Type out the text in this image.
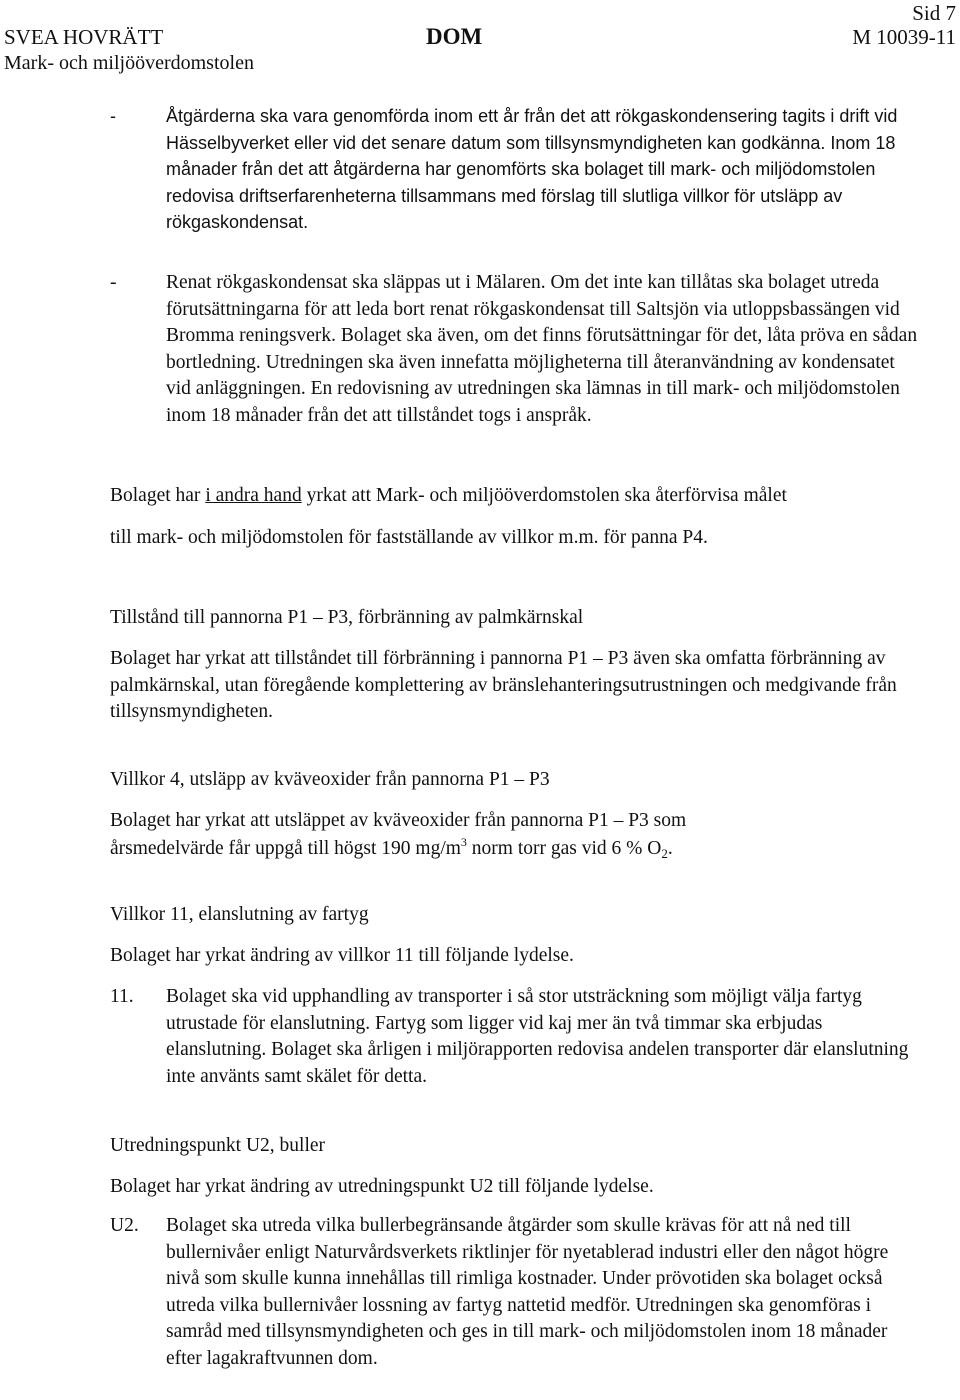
Sid 7
SVEA HOVRÄTT
Mark- och miljööverdomstolen
DOM	M 10039-11
-	Åtgärderna ska vara genomförda inom ett år från det att rökgaskondensering tagits i drift vid Hässelbyverket eller vid det senare datum som tillsynsmyndigheten kan godkänna. Inom 18 månader från det att åtgärderna har genomförts ska bolaget till mark- och miljödomstolen redovisa driftserfarenheterna tillsammans med förslag till slutliga villkor för utsläpp av rökgaskondensat.
-	Renat rökgaskondensat ska släppas ut i Mälaren. Om det inte kan tillåtas ska bolaget utreda förutsättningarna för att leda bort renat rökgaskondensat till Saltsjön via utloppsbassängen vid Bromma reningsverk. Bolaget ska även, om det finns förutsättningar för det, låta pröva en sådan bortledning. Utredningen ska även innefatta möjligheterna till återanvändning av kondensatet vid anläggningen. En redovisning av utredningen ska lämnas in till mark- och miljödomstolen inom 18 månader från det att tillståndet togs i anspråk.
Bolaget har i andra hand yrkat att Mark- och miljööverdomstolen ska återförvisa målet
till mark- och miljödomstolen för fastställande av villkor m.m. för panna P4.
Tillstånd till pannorna P1 – P3, förbränning av palmkärnskal
Bolaget har yrkat att tillståndet till förbränning i pannorna P1 – P3 även ska omfatta förbränning av palmkärnskal, utan föregående komplettering av bränslehanteringsutrustningen och medgivande från tillsynsmyndigheten.
Villkor 4, utsläpp av kväveoxider från pannorna P1 – P3
Bolaget har yrkat att utsläppet av kväveoxider från pannorna P1 – P3 som
årsmedelvärde får uppgå till högst 190 $mg/m^3$ norm torr gas vid 6 % $O_2$.
Villkor 11, elanslutning av fartyg
Bolaget har yrkat ändring av villkor 11 till följande lydelse.
11.	Bolaget ska vid upphandling av transporter i så stor utsträckning som möjligt välja fartyg utrustade för elanslutning. Fartyg som ligger vid kaj mer än två timmar ska erbjudas elanslutning. Bolaget ska årligen i miljörapporten redovisa andelen transporter där elanslutning inte använts samt skälet för detta.
Utredningspunkt U2, buller
Bolaget har yrkat ändring av utredningspunkt U2 till följande lydelse.
U2.	Bolaget ska utreda vilka bullerbegränsande åtgärder som skulle krävas för att nå ned till bullernivåer enligt Naturvårdsverkets riktlinjer för nyetablerad industri eller den något högre nivå som skulle kunna innehållas till rimliga kostnader. Under prövotiden ska bolaget också utreda vilka bullernivåer lossning av fartyg nattetid medför. Utredningen ska genomföras i samråd med tillsynsmyndigheten och ges in till mark- och miljödomstolen inom 18 månader efter lagakraftvunnen dom.
